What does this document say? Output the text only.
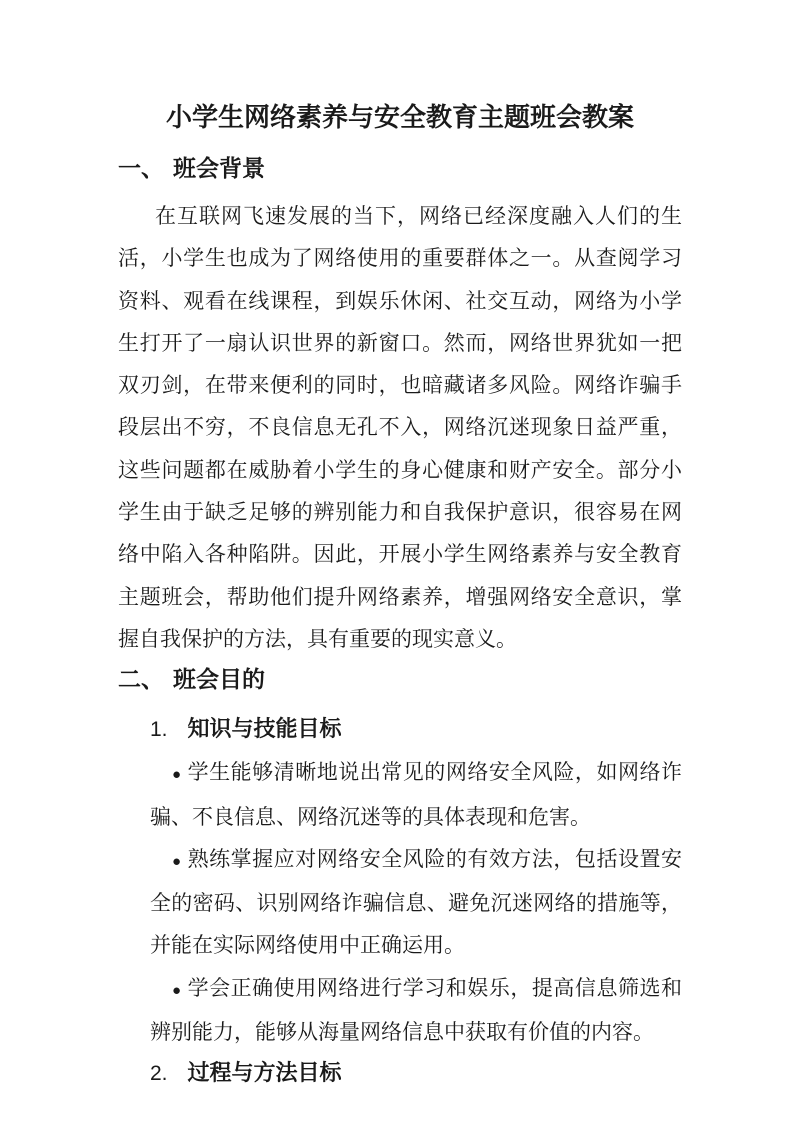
小学生网络素养与安全教育主题班会教案
一、 班会背景

在互联网飞速发展的当下，网络已经深度融入人们的生活，小学生也成为了网络使用的重要群体之一。从查阅学习资料、观看在线课程，到娱乐休闲、社交互动，网络为小学生打开了一扇认识世界的新窗口。然而，网络世界犹如一把双刃剑，在带来便利的同时，也暗藏诸多风险。网络诈骗手段层出不穷，不良信息无孔不入，网络沉迷现象日益严重，这些问题都在威胁着小学生的身心健康和财产安全。部分小学生由于缺乏足够的辨别能力和自我保护意识，很容易在网络中陷入各种陷阱。因此，开展小学生网络素养与安全教育主题班会，帮助他们提升网络素养，增强网络安全意识，掌握自我保护的方法，具有重要的现实意义。

二、 班会目的
1. 知识与技能目标
● 学生能够清晰地说出常见的网络安全风险，如网络诈骗、不良信息、网络沉迷等的具体表现和危害。
● 熟练掌握应对网络安全风险的有效方法，包括设置安全的密码、识别网络诈骗信息、避免沉迷网络的措施等，并能在实际网络使用中正确运用。
● 学会正确使用网络进行学习和娱乐，提高信息筛选和辨别能力，能够从海量网络信息中获取有价值的内容。
2. 过程与方法目标
